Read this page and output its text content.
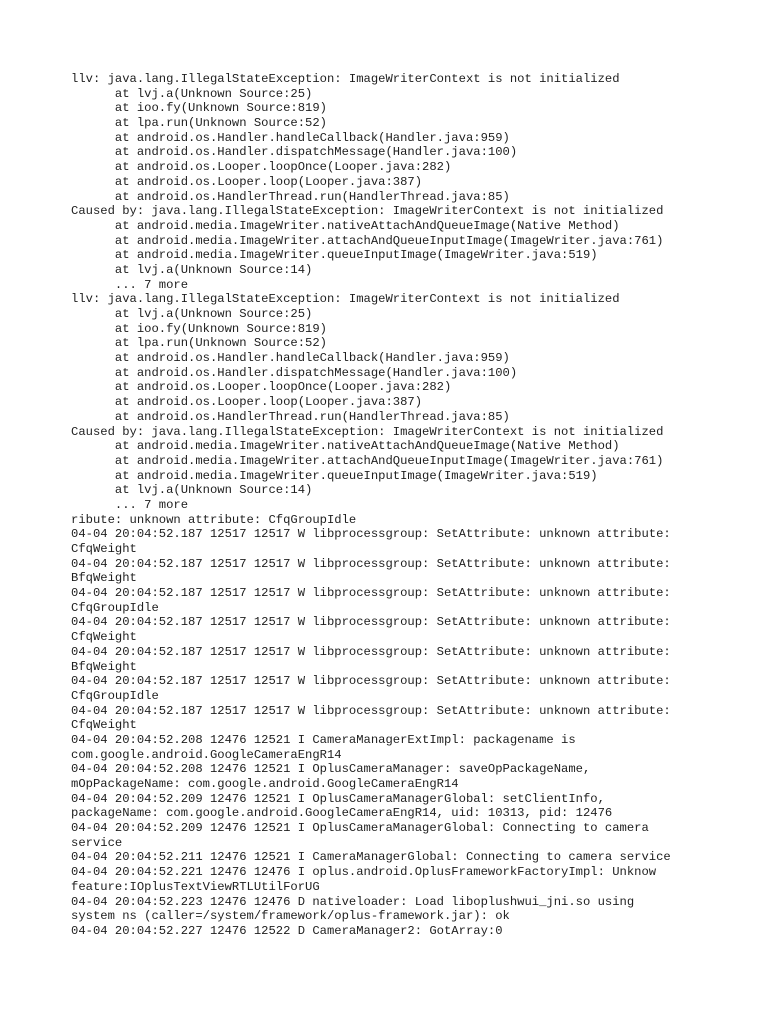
llv: java.lang.IllegalStateException: ImageWriterContext is not initialized
at lvj.a(Unknown Source:25)
at ioo.fy(Unknown Source:819)
at lpa.run(Unknown Source:52)
at android.os.Handler.handleCallback(Handler.java:959)
at android.os.Handler.dispatchMessage(Handler.java:100)
at android.os.Looper.loopOnce(Looper.java:282)
at android.os.Looper.loop(Looper.java:387)
at android.os.HandlerThread.run(HandlerThread.java:85)
Caused by: java.lang.IllegalStateException: ImageWriterContext is not initialized
at android.media.ImageWriter.nativeAttachAndQueueImage(Native Method)
at android.media.ImageWriter.attachAndQueueInputImage(ImageWriter.java:761)
at android.media.ImageWriter.queueInputImage(ImageWriter.java:519)
at lvj.a(Unknown Source:14)
... 7 more
llv: java.lang.IllegalStateException: ImageWriterContext is not initialized
at lvj.a(Unknown Source:25)
at ioo.fy(Unknown Source:819)
at lpa.run(Unknown Source:52)
at android.os.Handler.handleCallback(Handler.java:959)
at android.os.Handler.dispatchMessage(Handler.java:100)
at android.os.Looper.loopOnce(Looper.java:282)
at android.os.Looper.loop(Looper.java:387)
at android.os.HandlerThread.run(HandlerThread.java:85)
Caused by: java.lang.IllegalStateException: ImageWriterContext is not initialized
at android.media.ImageWriter.nativeAttachAndQueueImage(Native Method)
at android.media.ImageWriter.attachAndQueueInputImage(ImageWriter.java:761)
at android.media.ImageWriter.queueInputImage(ImageWriter.java:519)
at lvj.a(Unknown Source:14)
... 7 more
ribute: unknown attribute: CfqGroupIdle
04-04 20:04:52.187 12517 12517 W libprocessgroup: SetAttribute: unknown attribute:
CfqWeight
04-04 20:04:52.187 12517 12517 W libprocessgroup: SetAttribute: unknown attribute:
BfqWeight
04-04 20:04:52.187 12517 12517 W libprocessgroup: SetAttribute: unknown attribute:
CfqGroupIdle
04-04 20:04:52.187 12517 12517 W libprocessgroup: SetAttribute: unknown attribute:
CfqWeight
04-04 20:04:52.187 12517 12517 W libprocessgroup: SetAttribute: unknown attribute:
BfqWeight
04-04 20:04:52.187 12517 12517 W libprocessgroup: SetAttribute: unknown attribute:
CfqGroupIdle
04-04 20:04:52.187 12517 12517 W libprocessgroup: SetAttribute: unknown attribute:
CfqWeight
04-04 20:04:52.208 12476 12521 I CameraManagerExtImpl: packagename is
com.google.android.GoogleCameraEngR14
04-04 20:04:52.208 12476 12521 I OplusCameraManager: saveOpPackageName,
mOpPackageName: com.google.android.GoogleCameraEngR14
04-04 20:04:52.209 12476 12521 I OplusCameraManagerGlobal: setClientInfo,
packageName: com.google.android.GoogleCameraEngR14, uid: 10313, pid: 12476
04-04 20:04:52.209 12476 12521 I OplusCameraManagerGlobal: Connecting to camera
service
04-04 20:04:52.211 12476 12521 I CameraManagerGlobal: Connecting to camera service
04-04 20:04:52.221 12476 12476 I oplus.android.OplusFrameworkFactoryImpl: Unknow
feature:IOplusTextViewRTLUtilForUG
04-04 20:04:52.223 12476 12476 D nativeloader: Load liboplushwui_jni.so using
system ns (caller=/system/framework/oplus-framework.jar): ok
04-04 20:04:52.227 12476 12522 D CameraManager2: GotArray:0
